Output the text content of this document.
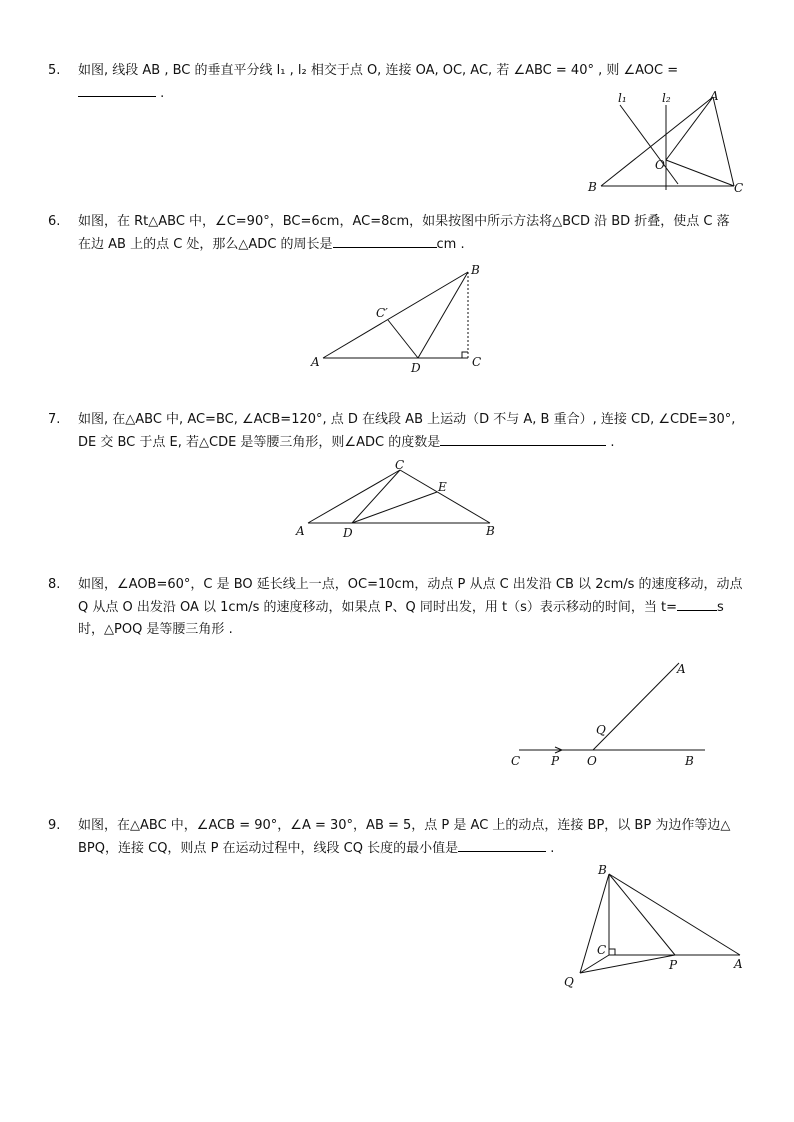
5.	如图, 线段 AB , BC 的垂直平分线 l₁ , l₂ 相交于点 O, 连接 OA, OC, AC, 若 ∠ABC = 40° , 则 ∠AOC =  .	l₁	l₂	A
O
B	C
6.	如图，在 Rt△ABC 中，∠C=90°，BC=6cm，AC=8cm，如果按图中所示方法将△BCD 沿 BD 折叠，使点 C 落
在边 AB 上的点 C 处，那么△ADC 的周长是	cm .
B
C′
A	D	C
7.	如图, 在△ABC 中, AC=BC, ∠ACB=120°, 点 D 在线段 AB 上运动（D 不与 A, B 重合）, 连接 CD, ∠CDE=30°,
DE 交 BC 于点 E, 若△CDE 是等腰三角形，则∠ADC 的度数是	.
C
E
A	D	B
8.	如图，∠AOB=60°，C 是 BO 延长线上一点，OC=10cm，动点 P 从点 C 出发沿 CB 以 2cm/s 的速度移动，动点
Q 从点 O 出发沿 OA 以 1cm/s 的速度移动，如果点 P、Q 同时出发，用 t（s）表示移动的时间，当 t=	s
时，△POQ 是等腰三角形 .
A
Q
C	P O	B
9.	如图，在△ABC 中，∠ACB = 90°，∠A = 30°，AB = 5，点 P 是 AC 上的动点，连接 BP，以 BP 为边作等边△
BPQ，连接 CQ，则点 P 在运动过程中，线段 CQ 长度的最小值是	.
B
C
P	A
Q
